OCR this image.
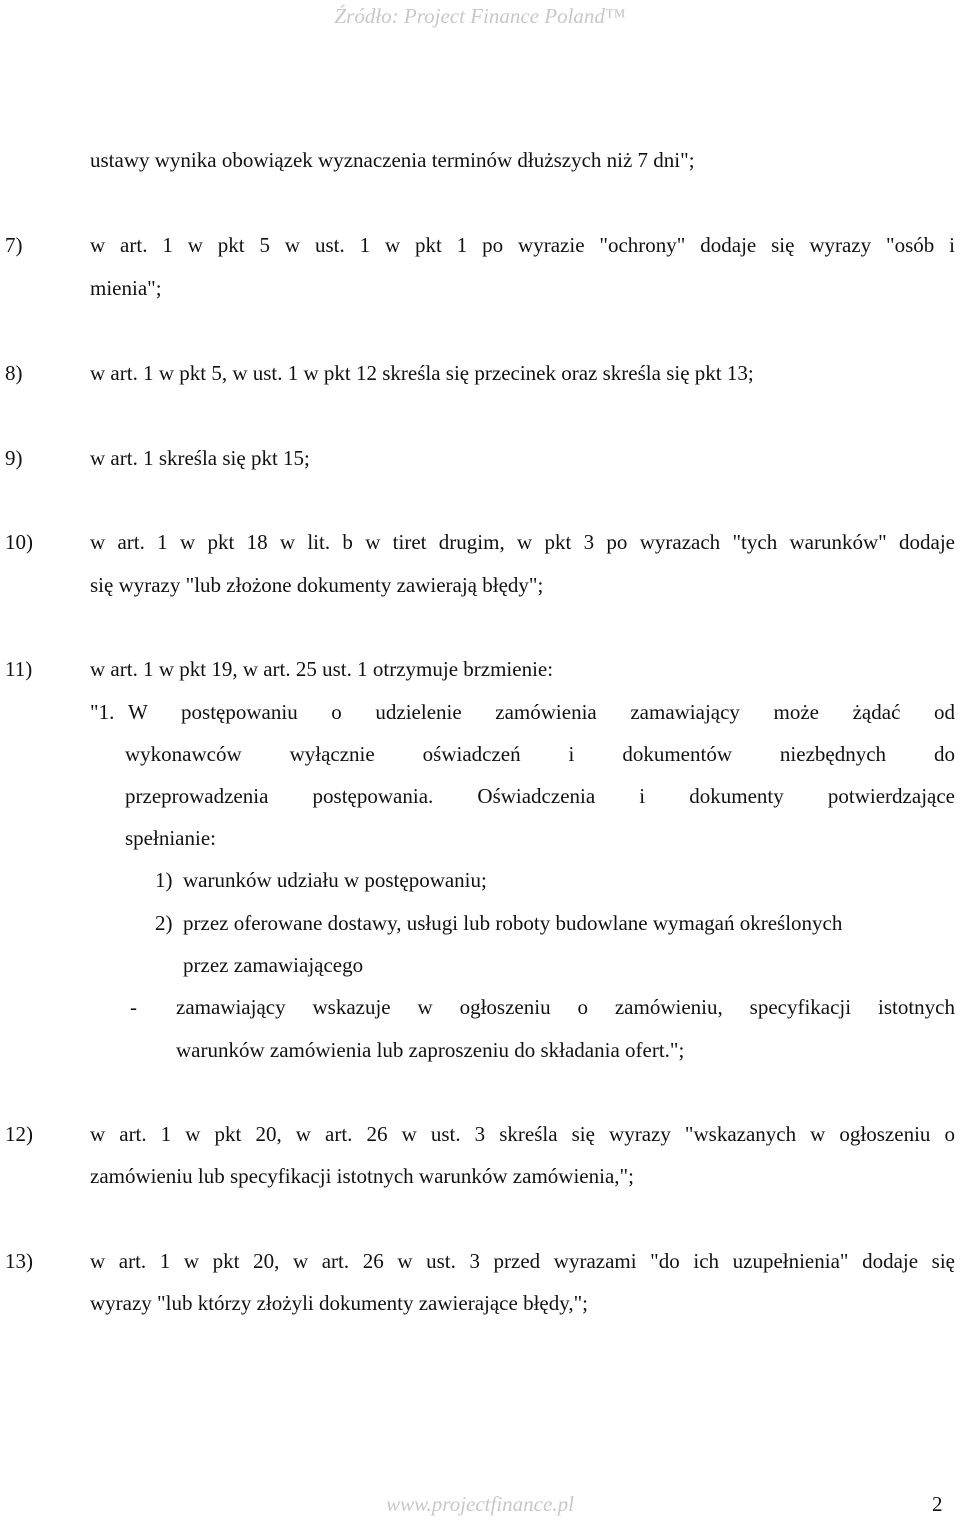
Źródło: Project Finance Poland™
ustawy wynika obowiązek wyznaczenia terminów dłuższych niż 7 dni";
7)	w art. 1 w pkt 5 w ust. 1 w pkt 1 po wyrazie "ochrony" dodaje się wyrazy "osób i
mienia";
8)	w art. 1 w pkt 5, w ust. 1 w pkt 12 skreśla się przecinek oraz skreśla się pkt 13;
9)	w art. 1 skreśla się pkt 15;
10)	w art. 1 w pkt 18 w lit. b w tiret drugim, w pkt 3 po wyrazach "tych warunków" dodaje
się wyrazy "lub złożone dokumenty zawierają błędy";
11)	w art. 1 w pkt 19, w art. 25 ust. 1 otrzymuje brzmienie:
"1. W postępowaniu o udzielenie zamówienia zamawiający może żądać od
wykonawców wyłącznie oświadczeń i dokumentów niezbędnych do
przeprowadzenia postępowania. Oświadczenia i dokumenty potwierdzające
spełnianie:
1) warunków udziału w postępowaniu;
2) przez oferowane dostawy, usługi lub roboty budowlane wymagań określonych
przez zamawiającego
- zamawiający wskazuje w ogłoszeniu o zamówieniu, specyfikacji istotnych
warunków zamówienia lub zaproszeniu do składania ofert.";
12)	w art. 1 w pkt 20, w art. 26 w ust. 3 skreśla się wyrazy "wskazanych w ogłoszeniu o
zamówieniu lub specyfikacji istotnych warunków zamówienia,";
13)	w art. 1 w pkt 20, w art. 26 w ust. 3 przed wyrazami "do ich uzupełnienia" dodaje się
wyrazy "lub którzy złożyli dokumenty zawierające błędy,";
www.projectfinance.pl	2
